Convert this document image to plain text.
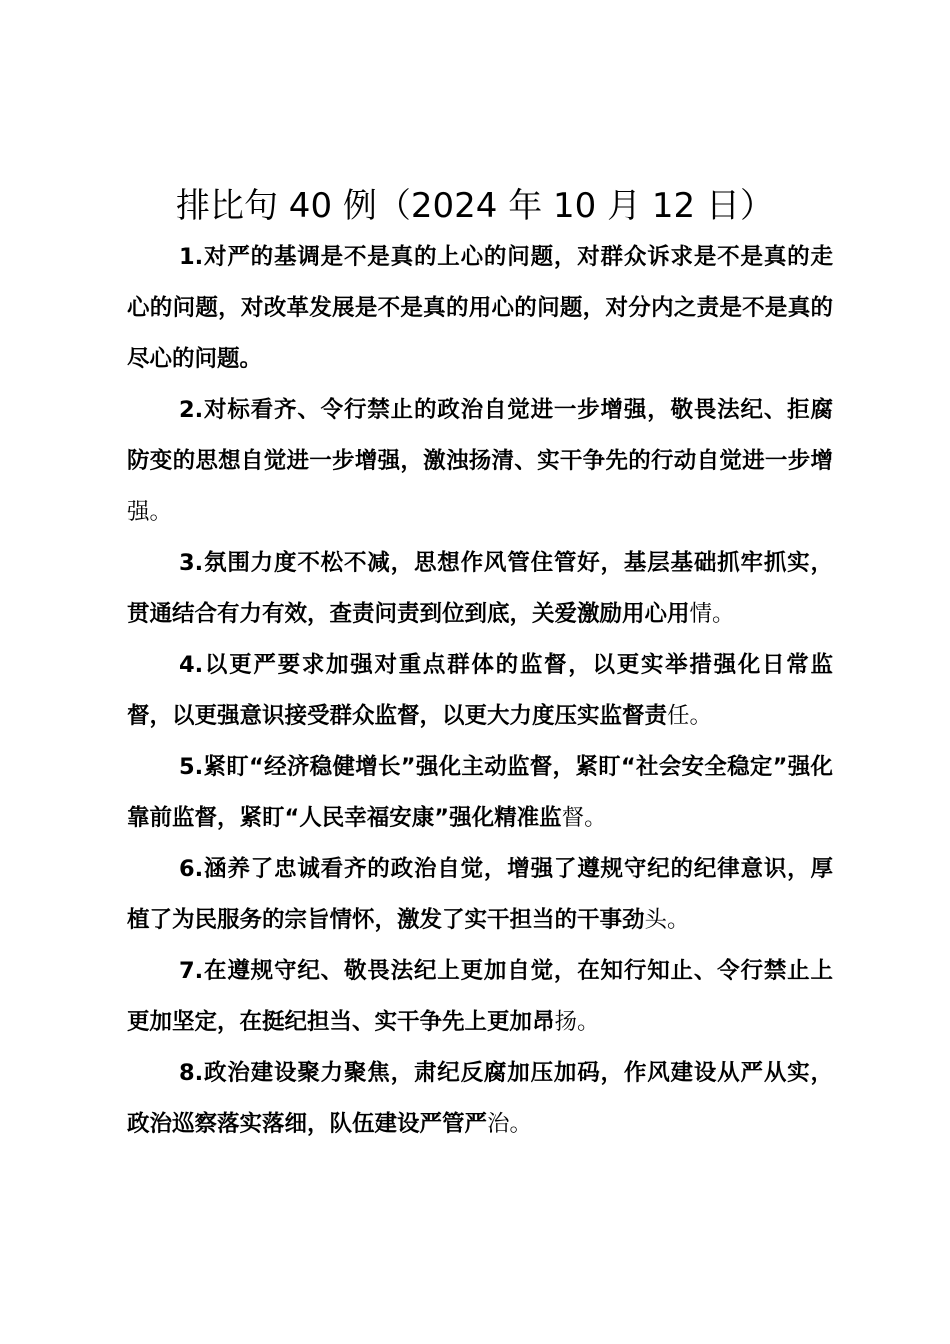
排比句 40 例（2024 年 10 月 12 日）

1.对严的基调是不是真的上心的问题，对群众诉求是不是真的走心的问题，对改革发展是不是真的用心的问题，对分内之责是不是真的尽心的问题。

2.对标看齐、令行禁止的政治自觉进一步增强，敬畏法纪、拒腐防变的思想自觉进一步增强，激浊扬清、实干争先的行动自觉进一步增强。

3.氛围力度不松不减，思想作风管住管好，基层基础抓牢抓实，贯通结合有力有效，查责问责到位到底，关爱激励用心用情。

4.以更严要求加强对重点群体的监督，以更实举措强化日常监督，以更强意识接受群众监督，以更大力度压实监督责任。

5.紧盯“经济稳健增长”强化主动监督，紧盯“社会安全稳定”强化靠前监督，紧盯“人民幸福安康”强化精准监督。

6.涵养了忠诚看齐的政治自觉，增强了遵规守纪的纪律意识，厚植了为民服务的宗旨情怀，激发了实干担当的干事劲头。

7.在遵规守纪、敬畏法纪上更加自觉，在知行知止、令行禁止上更加坚定，在挺纪担当、实干争先上更加昂扬。

8.政治建设聚力聚焦，肃纪反腐加压加码，作风建设从严从实，政治巡察落实落细，队伍建设严管严治。
